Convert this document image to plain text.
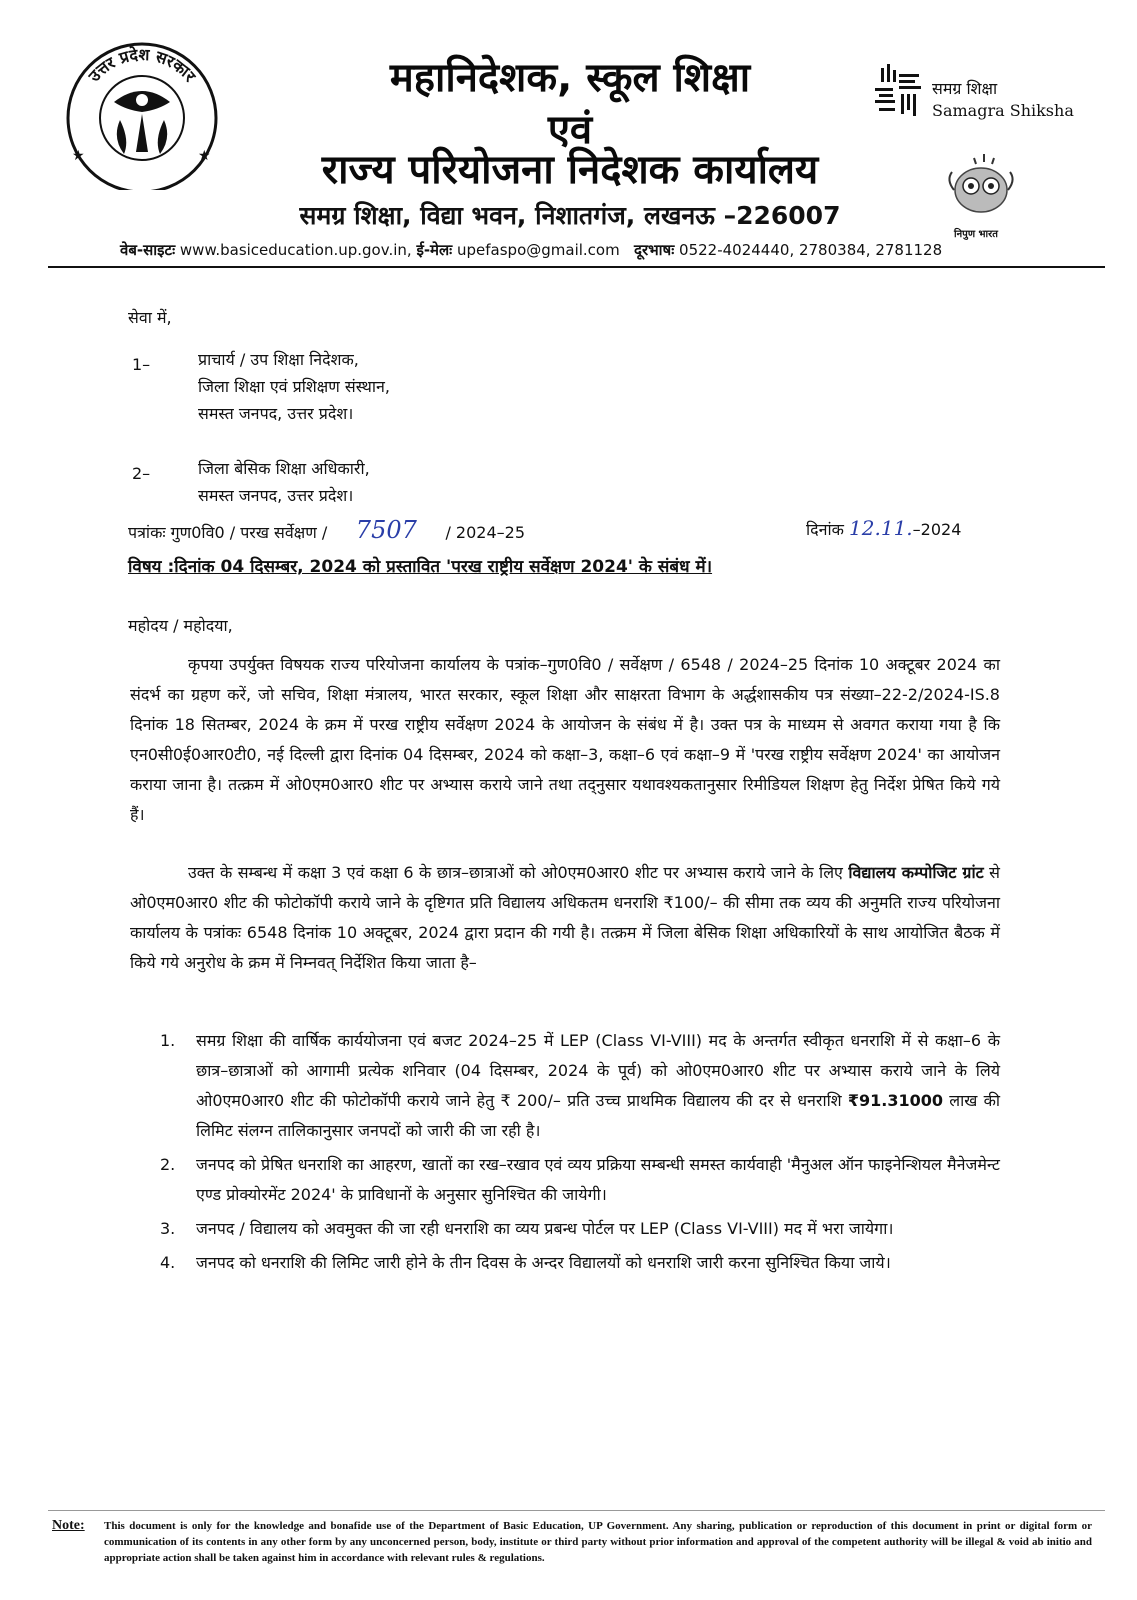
उत्तर प्रदेश सरकार
★	★
महानिदेशक, स्कूल शिक्षा
एवं
राज्य परियोजना निदेशक कार्यालय
समग्र शिक्षा, विद्या भवन, निशातगंज, लखनऊ –226007
समग्र शिक्षा
Samagra Shiksha
निपुण भारत
वेब-साइटः www.basiceducation.up.gov.in, ई-मेलः upefaspo@gmail.com दूरभाषः 0522-4024440, 2780384, 2781128
सेवा में,
1–	प्राचार्य / उप शिक्षा निदेशक,
जिला शिक्षा एवं प्रशिक्षण संस्थान,
समस्त जनपद, उत्तर प्रदेश।
2–	जिला बेसिक शिक्षा अधिकारी,
समस्त जनपद, उत्तर प्रदेश।
पत्रांकः गुण0वि0 / परख सर्वेक्षण / 7507 / 2024–25	दिनांक 12.11.–2024
विषय :दिनांक 04 दिसम्बर, 2024 को प्रस्तावित 'परख राष्ट्रीय सर्वेक्षण 2024' के संबंध में।
महोदय / महोदया,
कृपया उपर्युक्त विषयक राज्य परियोजना कार्यालय के पत्रांक–गुण0वि0 / सर्वेक्षण / 6548 / 2024–25 दिनांक 10 अक्टूबर 2024 का संदर्भ का ग्रहण करें, जो सचिव, शिक्षा मंत्रालय, भारत सरकार, स्कूल शिक्षा और साक्षरता विभाग के अर्द्धशासकीय पत्र संख्या–22-2/2024-IS.8 दिनांक 18 सितम्बर, 2024 के क्रम में परख राष्ट्रीय सर्वेक्षण 2024 के आयोजन के संबंध में है। उक्त पत्र के माध्यम से अवगत कराया गया है कि एन0सी0ई0आर0टी0, नई दिल्ली द्वारा दिनांक 04 दिसम्बर, 2024 को कक्षा–3, कक्षा–6 एवं कक्षा–9 में 'परख राष्ट्रीय सर्वेक्षण 2024' का आयोजन कराया जाना है। तत्क्रम में ओ0एम0आर0 शीट पर अभ्यास कराये जाने तथा तद्नुसार यथावश्यकतानुसार रिमीडियल शिक्षण हेतु निर्देश प्रेषित किये गये हैं।
उक्त के सम्बन्ध में कक्षा 3 एवं कक्षा 6 के छात्र–छात्राओं को ओ0एम0आर0 शीट पर अभ्यास कराये जाने के लिए विद्यालय कम्पोजिट ग्रांट से ओ0एम0आर0 शीट की फोटोकॉपी कराये जाने के दृष्टिगत प्रति विद्यालय अधिकतम धनराशि ₹100/– की सीमा तक व्यय की अनुमति राज्य परियोजना कार्यालय के पत्रांकः 6548 दिनांक 10 अक्टूबर, 2024 द्वारा प्रदान की गयी है। तत्क्रम में जिला बेसिक शिक्षा अधिकारियों के साथ आयोजित बैठक में किये गये अनुरोध के क्रम में निम्नवत् निर्देशित किया जाता है–
1.	समग्र शिक्षा की वार्षिक कार्ययोजना एवं बजट 2024–25 में LEP (Class VI-VIII) मद के अन्तर्गत स्वीकृत धनराशि में से कक्षा–6 के छात्र–छात्राओं को आगामी प्रत्येक शनिवार (04 दिसम्बर, 2024 के पूर्व) को ओ0एम0आर0 शीट पर अभ्यास कराये जाने के लिये ओ0एम0आर0 शीट की फोटोकॉपी कराये जाने हेतु ₹ 200/– प्रति उच्च प्राथमिक विद्यालय की दर से धनराशि ₹91.31000 लाख की लिमिट संलग्न तालिकानुसार जनपदों को जारी की जा रही है।
2.	जनपद को प्रेषित धनराशि का आहरण, खातों का रख–रखाव एवं व्यय प्रक्रिया सम्बन्धी समस्त कार्यवाही 'मैनुअल ऑन फाइनेन्शियल मैनेजमेन्ट एण्ड प्रोक्योरमेंट 2024' के प्राविधानों के अनुसार सुनिश्चित की जायेगी।
3.	जनपद / विद्यालय को अवमुक्त की जा रही धनराशि का व्यय प्रबन्ध पोर्टल पर LEP (Class VI-VIII) मद में भरा जायेगा।
4.	जनपद को धनराशि की लिमिट जारी होने के तीन दिवस के अन्दर विद्यालयों को धनराशि जारी करना सुनिश्चित किया जाये।
Note:	This document is only for the knowledge and bonafide use of the Department of Basic Education, UP Government. Any sharing, publication or reproduction of this document in print or digital form or communication of its contents in any other form by any unconcerned person, body, institute or third party without prior information and approval of the competent authority will be illegal & void ab initio and appropriate action shall be taken against him in accordance with relevant rules & regulations.
